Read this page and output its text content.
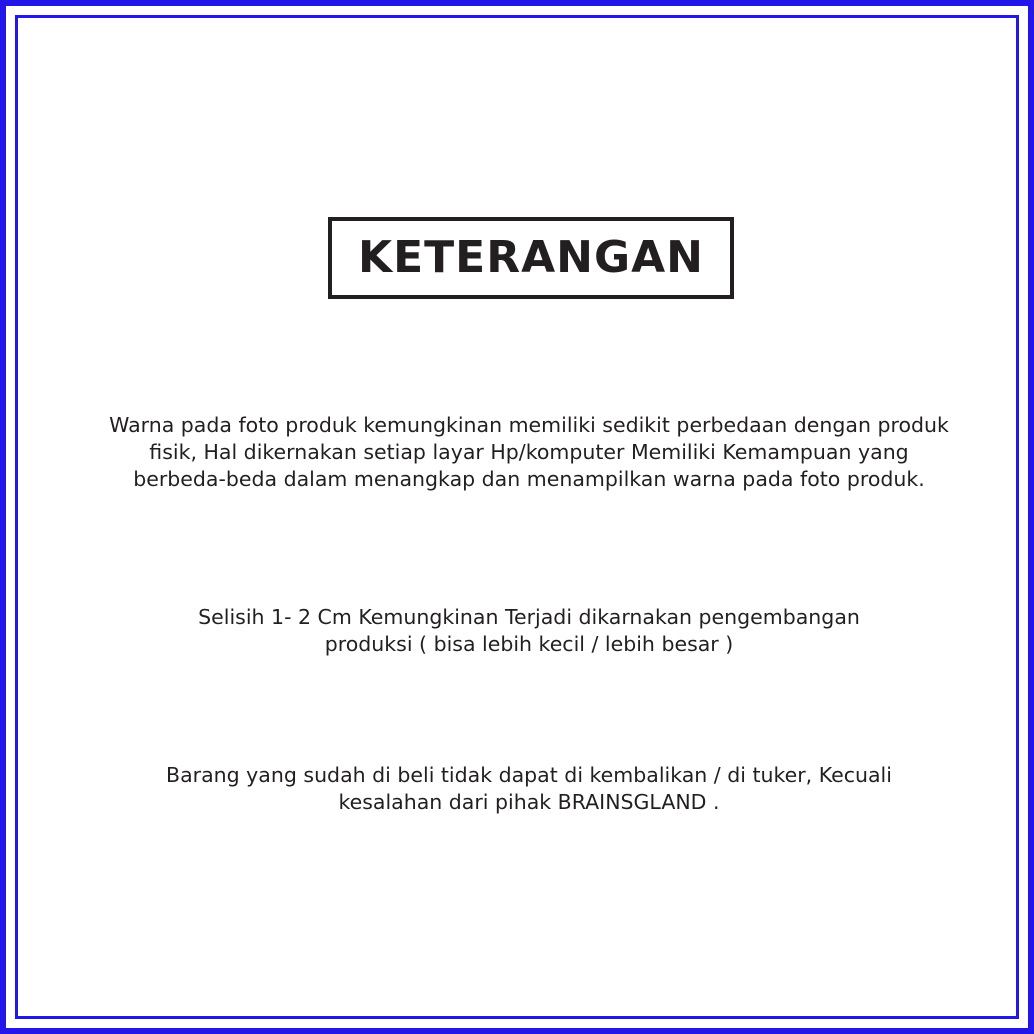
KETERANGAN
Warna pada foto produk kemungkinan memiliki sedikit perbedaan dengan produk fisik, Hal dikernakan setiap layar Hp/komputer Memiliki Kemampuan yang berbeda-beda dalam menangkap dan menampilkan warna pada foto produk.
Selisih 1- 2 Cm Kemungkinan Terjadi dikarnakan pengembangan produksi ( bisa lebih kecil / lebih besar )
Barang yang sudah di beli tidak dapat di kembalikan / di tuker, Kecuali kesalahan dari pihak BRAINSGLAND .
